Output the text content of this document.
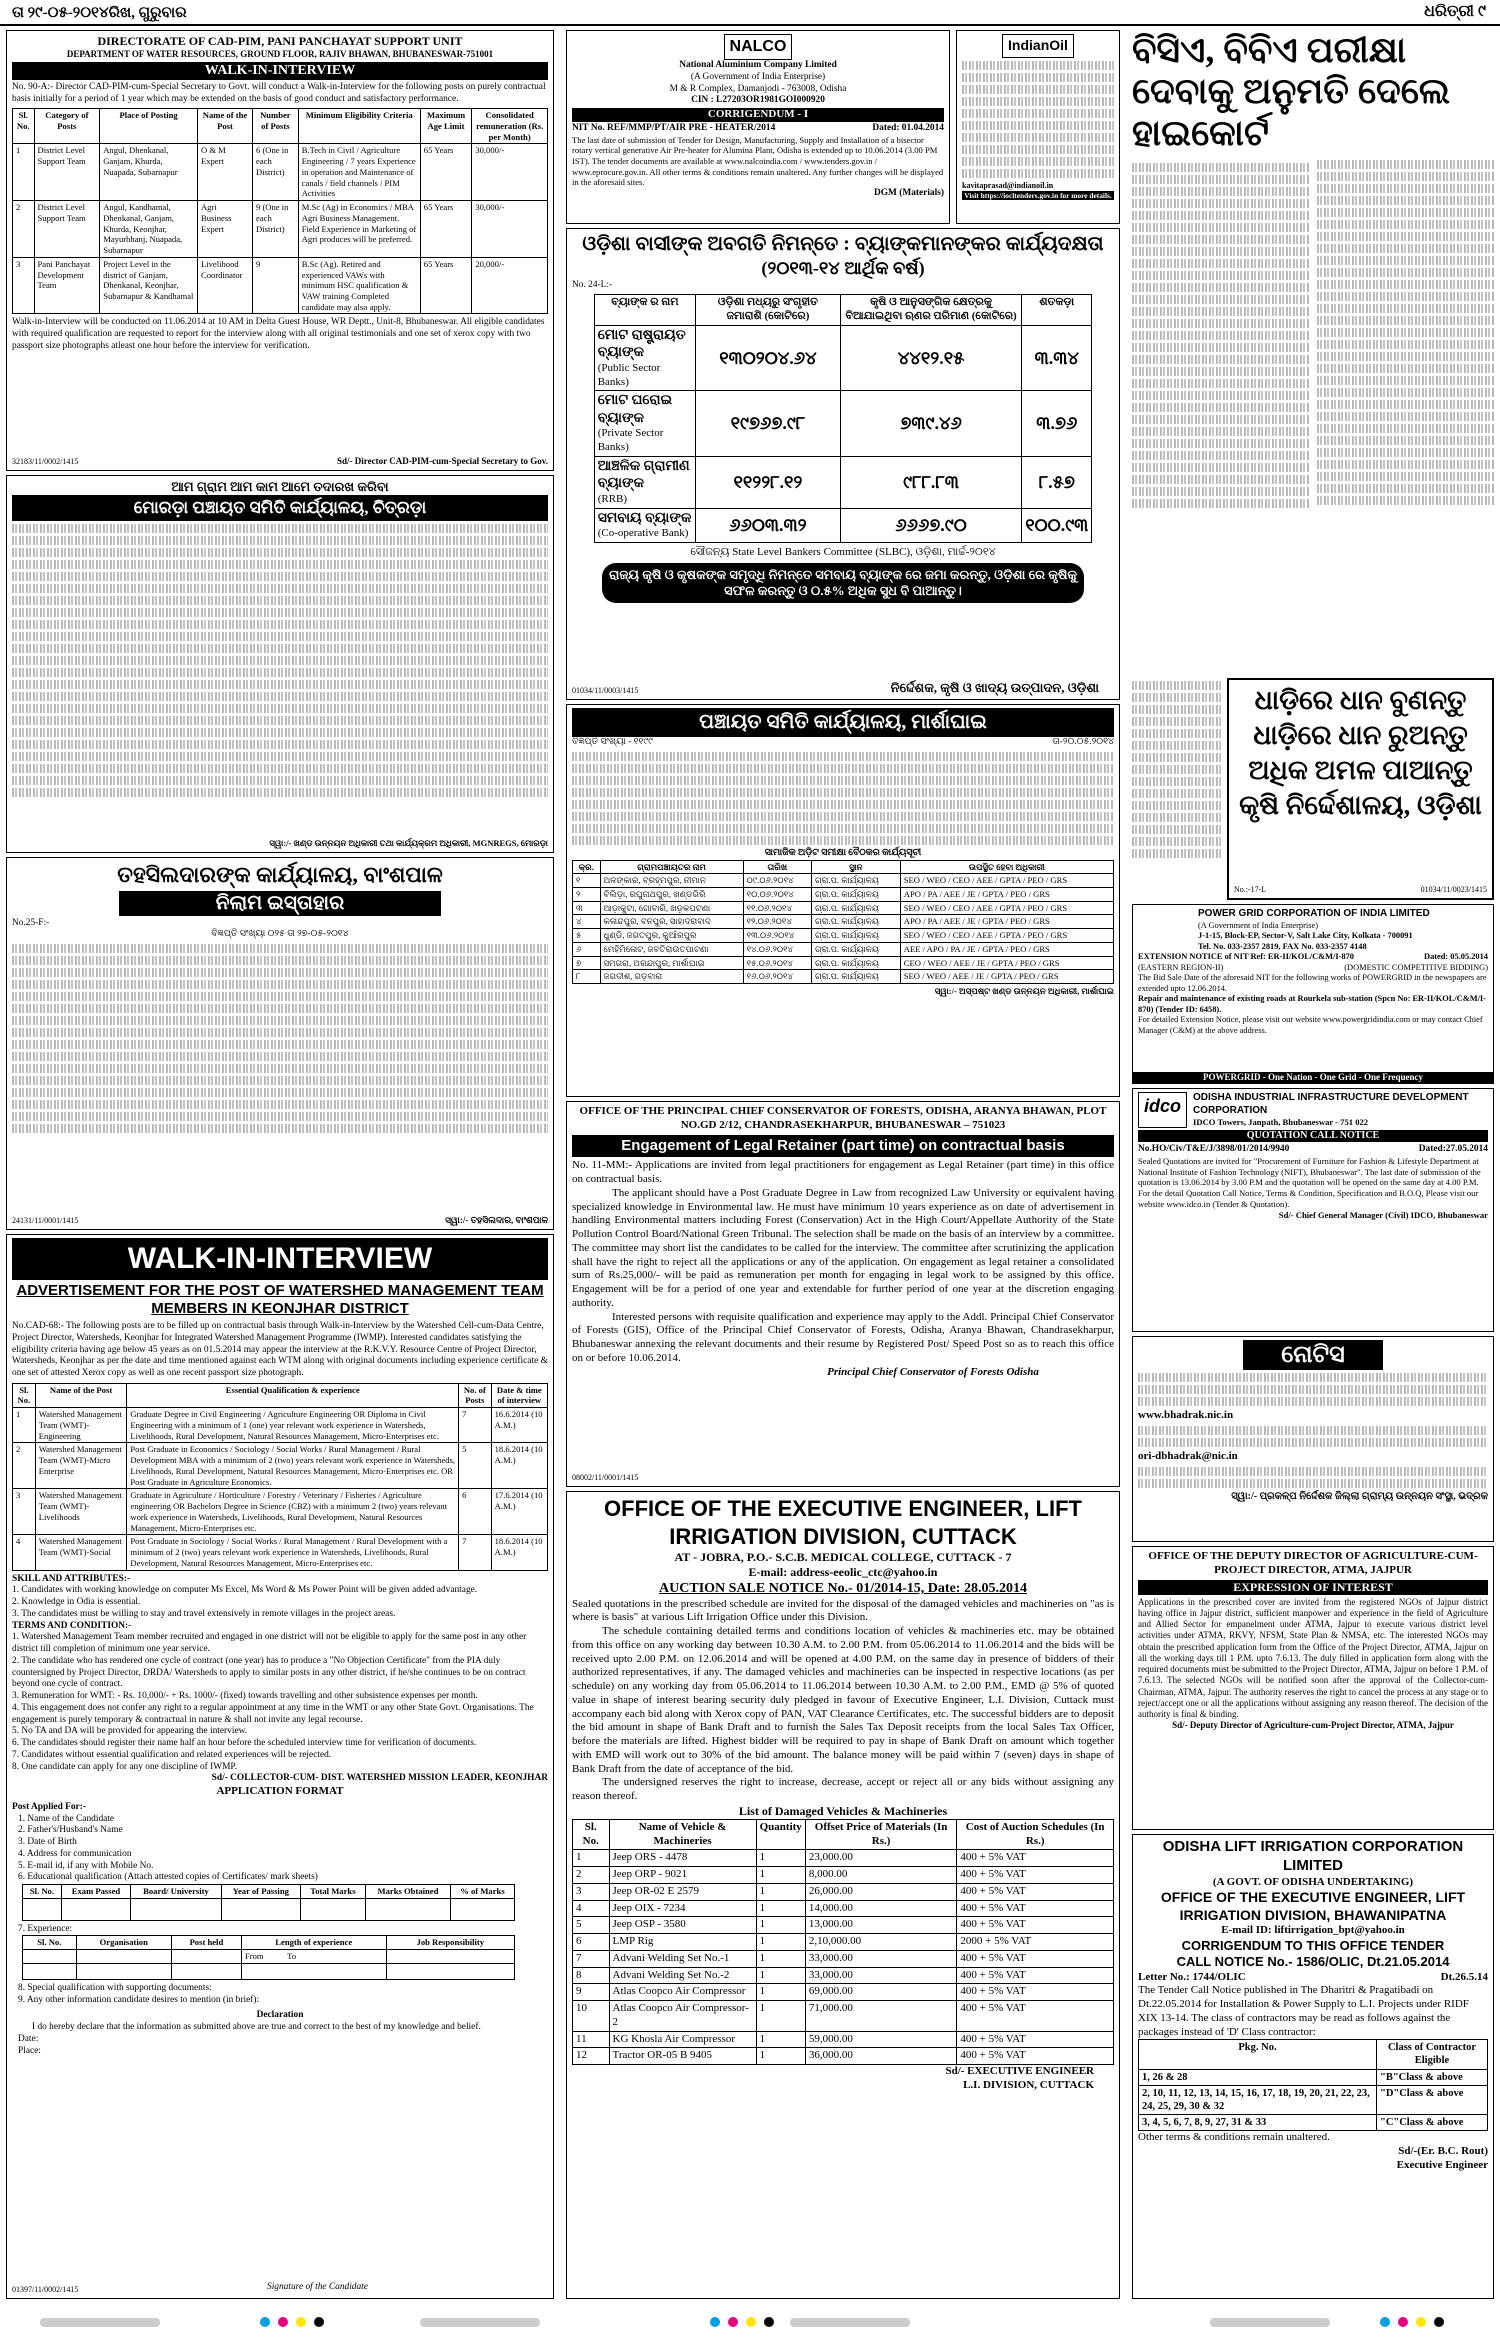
ତା ୨୯-୦୫-୨୦୧୪ରିଖ, ଗୁରୁବାର	ଧରିତ୍ରୀ ୯
DIRECTORATE OF CAD-PIM, PANI PANCHAYAT SUPPORT UNIT
DEPARTMENT OF WATER RESOURCES, GROUND FLOOR, RAJIV BHAWAN, BHUBANESWAR-751001
WALK-IN-INTERVIEW
No. 90-A:- Director CAD-PIM-cum-Special Secretary to Govt. will conduct a Walk-in-Interview for the following posts on purely contractual basis initially for a period of 1 year which may be extended on the basis of good conduct and satisfactory performance.
Sl. No.	Category of Posts	Place of Posting	Name of the Post	Number of Posts	Minimum Eligibility Criteria	Maximum Age Limit	Consolidated remuneration (Rs. per Month)
1	District Level Support Team	Angul, Dhenkanal, Ganjam, Khurda, Nuapada, Subarnapur	O & M Expert	6 (One in each District)	B.Tech in Civil / Agriculture Engineering / 7 years Experience in operation and Maintenance of canals / field channels / PIM Activities	65 Years	30,000/-
2	District Level Support Team	Angul, Kandhamal, Dhenkanal, Ganjam, Khurda, Keonjhar, Mayurbhanj, Nuapada, Subarnapur	Agri Business Expert	9 (One in each District)	M.Sc (Ag) in Economics / MBA Agri Business Management. Field Experience in Marketing of Agri produces will be preferred.	65 Years	30,000/-
3	Pani Panchayat Development Team	Project Level in the district of Ganjam, Dhenkanal, Keonjhar, Subarnapur & Kandhamal	Livelihood Coordinator	9	B.Sc (Ag). Retired and experienced VAWs with minimum HSC qualification & VAW training Completed candidate may also apply.	65 Years	20,000/-
Walk-in-Interview will be conducted on 11.06.2014 at 10 AM in Delta Guest House, WR Deptt., Unit-8, Bhubaneswar. All eligible candidates with required qualification are requested to report for the interview along with all original testimonials and one set of xerox copy with two passport size photographs atleast one hour before the interview for verification.
32183/11/0002/1415	Sd/- Director CAD-PIM-cum-Special Secretary to Gov.
ଆମ ଗ୍ରାମ ଆମ କାମ ଆମେ ତଦାରଖ କରିବା
ମୋରଡ଼ା ପଞ୍ଚାୟତ ସମିତି କାର୍ଯ୍ୟାଳୟ, ଚିତ୍ରଡ଼ା
ସ୍ୱା:/- ଖଣ୍ଡ ଉନ୍ନୟନ ଅଧିକାରୀ ତଥା କାର୍ଯ୍ୟକ୍ରମ ଅଧିକାରୀ, MGNREGS, ମୋରଡ଼ା
ତହସିଲଦାରଙ୍କ କାର୍ଯ୍ୟାଳୟ, ବାଂଶପାଳ
ନିଲାମ ଇସ୍ତାହାର
No.25-F:-
ବିଜ୍ଞପ୍ତି ସଂଖ୍ୟା ୦୨୫ ତା ୨୭-୦୫-୨୦୧୪
24131/11/0001/1415	ସ୍ୱା:/- ତହସିଲଦାର, ବାଂଶପାଳ
WALK-IN-INTERVIEW
ADVERTISEMENT FOR THE POST OF WATERSHED MANAGEMENT TEAM MEMBERS IN KEONJHAR DISTRICT
No.CAD-68:- The following posts are to be filled up on contractual basis through Walk-in-Interview by the Watershed Cell-cum-Data Centre, Project Director, Watersheds, Keonjhar for Integrated Watershed Management Programme (IWMP). Interested candidates satisfying the eligibility criteria having age below 45 years as on 01.5.2014 may appear the interview at the R.K.V.Y. Resource Centre of Project Director, Watersheds, Keonjhar as per the date and time mentioned against each WTM along with original documents including experience certificate & one set of attested Xerox copy as well as one recent passport size photograph.
Sl. No.	Name of the Post	Essential Qualification & experience	No. of Posts	Date & time of interview
1	Watershed Management Team (WMT)-Engineering	Graduate Degree in Civil Engineering / Agriculture Engineering OR Diploma in Civil Engineering with a minimum of 1 (one) year relevant work experience in Watersheds, Livelihoods, Rural Development, Natural Resources Management, Micro-Enterprises etc.	7	16.6.2014 (10 A.M.)
2	Watershed Management Team (WMT)-Micro Enterprise	Post Graduate in Economics / Sociology / Social Works / Rural Management / Rural Development MBA with a minimum of 2 (two) years relevant work experience in Watersheds, Livelihoods, Rural Development, Natural Resources Management, Micro-Enterprises etc. OR Post Graduate in Agriculture Economics.	5	18.6.2014 (10 A.M.)
3	Watershed Management Team (WMT)-Livelihoods	Graduate in Agriculture / Horticulture / Forestry / Veterinary / Fisheries / Agriculture engineering OR Bachelors Degree in Science (CBZ) with a minimum 2 (two) years relevant work experience in Watersheds, Livelihoods, Rural Development, Natural Resources Management, Micro-Enterprises etc.	6	17.6.2014 (10 A.M.)
4	Watershed Management Team (WMT)-Social	Post Graduate in Sociology / Social Works / Rural Management / Rural Development with a minimum of 2 (two) years relevant work experience in Watersheds, Livelihoods, Rural Development, Natural Resources Management, Micro-Enterprises etc.	7	18.6.2014 (10 A.M.)
SKILL AND ATTRIBUTES:-
1. Candidates with working knowledge on computer Ms Excel, Ms Word & Ms Power Point will be given added advantage.
2. Knowledge in Odia is essential.
3. The candidates must be willing to stay and travel extensively in remote villages in the project areas.
TERMS AND CONDITION:-
1. Watershed Management Team member recruited and engaged in one district will not be eligible to apply for the same post in any other district till completion of minimum one year service.
2. The candidate who has rendered one cycle of contract (one year) has to produce a "No Objection Certificate" from the PIA duly countersigned by Project Director, DRDA/ Watersheds to apply to similar posts in any other district, if he/she continues to be on contract beyond one cycle of contract.
3. Remuneration for WMT: - Rs. 10,000/- + Rs. 1000/- (fixed) towards travelling and other subsistence expenses per month.
4. This engagement does not confer any right to a regular appointment at any time in the WMT or any other State Govt. Organisations. The engagement is purely temporary & contractual in nature & shall not invite any legal recourse.
5. No TA and DA will be provided for appearing the interview.
6. The candidates should register their name half an hour before the scheduled interview time for verification of documents.
7. Candidates without essential qualification and related experiences will be rejected.
8. One candidate can apply for any one discipline of IWMP.
Sd/- COLLECTOR-CUM- DIST. WATERSHED MISSION LEADER, KEONJHAR
APPLICATION FORMAT
Post Applied For:-
1. Name of the Candidate
2. Father's/Husband's Name
3. Date of Birth
4. Address for communication
5. E-mail id, if any with Mobile No.
6. Educational qualification (Attach attested copies of Certificates/ mark sheets)
Sl. No.	Exam Passed	Board/ University	Year of Passing	Total Marks	Marks Obtained	% of Marks

7. Experience:
Sl. No.	Organisation	Post held	Length of experience	Job Responsibility
			From To	

8. Special qualification with supporting documents:
9. Any other information candidate desires to mention (in brief):
Declaration
I do hereby declare that the information as submitted above are true and correct to the best of my knowledge and belief.
Date:
Place:
01397/11/0002/1415	Signature of the Candidate
NALCO
National Aluminium Company Limited
(A Government of India Enterprise)
M & R Complex, Damanjodi - 763008, Odisha
CIN : L27203OR1981GOI000920
CORRIGENDUM - I
NIT No. REF/MMP/PT/AIR PRE - HEATER/2014	Dated: 01.04.2014
The last date of submission of Tender for Design, Manufacturing, Supply and Installation of a bisector rotary vertical generative Air Pre-heater for Alumina Plant, Odisha is extended up to 10.06.2014 (3.00 PM IST). The tender documents are available at www.nalcoindia.com / www.tenders.gov.in / www.eprocure.gov.in. All other terms & conditions remain unaltered. Any further changes will be displayed in the aforesaid sites.
DGM (Materials)
IndianOil
kavitaprasad@indianoil.in
Visit https://iocltenders.gov.in for more details.
ଓଡ଼ିଶା ବାସୀଙ୍କ ଅବଗତି ନିମନ୍ତେ : ବ୍ୟାଙ୍କମାନଙ୍କର କାର୍ଯ୍ୟଦକ୍ଷତା
(୨୦୧୩-୧୪ ଆର୍ଥିକ ବର୍ଷ)
No. 24-L:-
ବ୍ୟାଙ୍କ ର ନାମ	ଓଡ଼ିଶା ମଧ୍ୟରୁ ସଂଗୃହୀତ ଜମାରାଶି (କୋଟିରେ)	କୃଷି ଓ ଆନୁସଙ୍ଗିକ କ୍ଷେତ୍ରକୁ ବିଆଯାଇଥିବା ଋଣର ପରିମାଣ (କୋଟିରେ)	ଶତକଡ଼ା

ମୋଟ ରାଷ୍ଟ୍ରାୟତ ବ୍ୟାଙ୍କ
(Public Sector Banks)	୧୩୦୨୦୪.୬୪	୪୪୧୨.୧୫	୩.୩୪

ମୋଟ ଘରୋଇ ବ୍ୟାଙ୍କ
(Private Sector Banks)	୧୯୭୬୭.୯୮	୭୩୯.୪୬	୩.୭୬

ଆଞ୍ଚଳିକ ଗ୍ରାମୀଣ ବ୍ୟାଙ୍କ
(RRB)	୧୧୨୨୮.୧୨	୯୮୮.୮୩	୮.୫୭

ସମବାୟ ବ୍ୟାଙ୍କ
(Co-operative Bank)	୬୬୦୩.୩୨	୬୬୬୭.୯୦	୧୦୦.୯୩
ସୌଜନ୍ୟ State Level Bankers Committee (SLBC), ଓଡ଼ିଶା, ମାର୍ଚ୍ଚ-୨୦୧୪
ରାଜ୍ୟ କୃଷି ଓ କୃଷକଙ୍କ ସମୃଦ୍ଧି ନିମନ୍ତେ ସମବାୟ ବ୍ୟାଙ୍କ ରେ ଜମା କରନ୍ତୁ, ଓଡ଼ିଶା ରେ କୃଷିକୁ ସଫଳ କରନ୍ତୁ ଓ ୦.୫% ଅଧିକ ସୁଧ ବି ପାଆନ୍ତୁ।
01034/11/0003/1415	ନିର୍ଦ୍ଦେଶକ, କୃଷି ଓ ଖାଦ୍ୟ ଉତ୍ପାଦନ, ଓଡ଼ିଶା
ପଞ୍ଚାୟତ ସମିତି କାର୍ଯ୍ୟାଳୟ, ମାର୍ଶାଘାଇ
ବିଜ୍ଞପ୍ତି ସଂଖ୍ୟା - ୧୧୯୯	ତା-୨୦.୦୫.୨୦୧୪
ସାମାଜିକ ଅଡ଼ିଟ ସମୀକ୍ଷା ବୈଠକର କାର୍ଯ୍ୟସୂଚୀ
କ୍ର.	ଗ୍ରାମପଞ୍ଚାୟତର ନାମ	ତାରିଖ	ସ୍ଥାନ	ଉପସ୍ଥିତ ହେବା ଅଧିକାରୀ
୧	ଅଳଙ୍କାର, ବ୍ରହ୍ମପୁର, ନୀମାନ	୦୯.୦୬.୨୦୧୪	ଗ୍ରା.ପ. କାର୍ଯ୍ୟାଳୟ	SEO / WEO / CEO / AEE / GPTA / PEO / GRS
୨	ବିଲିଡ଼ା, ରଘୁନାଥପୁର, ଖଣ୍ଡଗିରି	୧୦.୦୬.୨୦୧୪	ଗ୍ରା.ପ. କାର୍ଯ୍ୟାଳୟ	APO / PA / AEE / JE / GPTA / PEO / GRS
୩	ଆଡ଼ାକୁଟା, ଗୋବାରି, ଖଡ଼କପଟଣା	୧୧.୦୬.୨୦୧୪	ଗ୍ରା.ପ. କାର୍ଯ୍ୟାଳୟ	SEO / WEO / CEO / AEE / GPTA / PEO / GRS
୪	କଳାନ୍ଦପୁର, ବନପୁର, ସାହାଦରାବାଦ	୧୨.୦୬.୨୦୧୪	ଗ୍ରା.ପ. କାର୍ଯ୍ୟାଳୟ	APO / PA / AEE / JE / GPTA / PEO / GRS
୫	ଧୁଣ୍ଡି, ଜଗତପୁର, କୁଆଁରପୁର	୧୩.୦୬.୨୦୧୪	ଗ୍ରା.ପ. କାର୍ଯ୍ୟାଳୟ	SEO / WEO / CEO / AEE / GPTA / PEO / GRS
୬	ମେହିମିଳୋଟ, ଜବତିରାଉତପାଟଣା	୧୪.୦୬.୨୦୧୪	ଗ୍ରା.ପ. କାର୍ଯ୍ୟାଳୟ	AEE / APO / PA / JE / GPTA / PEO / GRS
୭	ସମଗରା, ଅରନ୍ଦାପୁର, ମାର୍ଶାଘାଇ	୧୫.୦୬.୨୦୧୪	ଗ୍ରା.ପ. କାର୍ଯ୍ୟାଳୟ	CEO / WEO / AEE / JE / GPTA / PEO / GRS
୮	ଜଗଦୀଶ, ଗଡ଼ବାରା	୧୬.୦୬.୨୦୧୪	ଗ୍ରା.ପ. କାର୍ଯ୍ୟାଳୟ	SEO / WEO / AEE / JE / GPTA / PEO / GRS
ସ୍ୱା:/- ଅସ୍ପଷ୍ଟ ଖଣ୍ଡ ଉନ୍ନୟନ ଅଧିକାରୀ, ମାର୍ଶାଘାଇ
OFFICE OF THE PRINCIPAL CHIEF CONSERVATOR OF FORESTS, ODISHA, ARANYA BHAWAN, PLOT NO.GD 2/12, CHANDRASEKHARPUR, BHUBANESWAR – 751023
Engagement of Legal Retainer (part time) on contractual basis
No. 11-MM:- Applications are invited from legal practitioners for engagement as Legal Retainer (part time) in this office on contractual basis.
The applicant should have a Post Graduate Degree in Law from recognized Law University or equivalent having specialized knowledge in Environmental law. He must have minimum 10 years experience as on date of advertisement in handling Environmental matters including Forest (Conservation) Act in the High Court/Appellate Authority of the State Pollution Control Board/National Green Tribunal. The selection shall be made on the basis of an interview by a committee. The committee may short list the candidates to be called for the interview. The committee after scrutinizing the application shall have the right to reject all the applications or any of the application. On engagement as legal retainer a consolidated sum of Rs.25,000/- will be paid as remuneration per month for engaging in legal work to be assigned by this office. Engagement will be for a period of one year and extendable for further period of one year at the discretion engaging authority.
Interested persons with requisite qualification and experience may apply to the Addl. Principal Chief Conservator of Forests (GIS), Office of the Principal Chief Conservator of Forests, Odisha, Aranya Bhawan, Chandrasekharpur, Bhubaneswar annexing the relevant documents and their resume by Registered Post/ Speed Post so as to reach this office on or before 10.06.2014.
Principal Chief Conservator of Forests Odisha
08002/11/0001/1415
OFFICE OF THE EXECUTIVE ENGINEER, LIFT IRRIGATION DIVISION, CUTTACK
AT - JOBRA, P.O.- S.C.B. MEDICAL COLLEGE, CUTTACK - 7
E-mail: address-eeolic_ctc@yahoo.in
AUCTION SALE NOTICE No.- 01/2014-15, Date: 28.05.2014
Sealed quotations in the prescribed schedule are invited for the disposal of the damaged vehicles and machineries on "as is where is basis" at various Lift Irrigation Office under this Division.
The schedule containing detailed terms and conditions location of vehicles & machineries etc. may be obtained from this office on any working day between 10.30 A.M. to 2.00 P.M. from 05.06.2014 to 11.06.2014 and the bids will be received upto 2.00 P.M. on 12.06.2014 and will be opened at 4.00 P.M. on the same day in presence of bidders of their authorized representatives, if any. The damaged vehicles and machineries can be inspected in respective locations (as per schedule) on any working day from 05.06.2014 to 11.06.2014 between 10.30 A.M. to 2.00 P.M., EMD @ 5% of quoted value in shape of interest bearing security duly pledged in favour of Executive Engineer, L.I. Division, Cuttack must accompany each bid along with Xerox copy of PAN, VAT Clearance Certificates, etc. The successful bidders are to deposit the bid amount in shape of Bank Draft and to furnish the Sales Tax Deposit receipts from the local Sales Tax Officer, before the materials are lifted. Highest bidder will be required to pay in shape of Bank Draft on amount which together with EMD will work out to 30% of the bid amount. The balance money will be paid within 7 (seven) days in shape of Bank Draft from the date of acceptance of the bid.
The undersigned reserves the right to increase, decrease, accept or reject all or any bids without assigning any reason thereof.
List of Damaged Vehicles & Machineries
Sl. No.	Name of Vehicle & Machineries	Quantity	Offset Price of Materials (In Rs.)	Cost of Auction Schedules (In Rs.)
1	Jeep ORS - 4478	1	23,000.00	400 + 5% VAT
2	Jeep ORP - 9021	1	8,000.00	400 + 5% VAT
3	Jeep OR-02 E 2579	1	26,000.00	400 + 5% VAT
4	Jeep OIX - 7234	1	14,000.00	400 + 5% VAT
5	Jeep OSP - 3580	1	13,000.00	400 + 5% VAT
6	LMP Rig	1	2,10,000.00	2000 + 5% VAT
7	Advani Welding Set No.-1	1	33,000.00	400 + 5% VAT
8	Advani Welding Set No.-2	1	33,000.00	400 + 5% VAT
9	Atlas Coopco Air Compressor	1	69,000.00	400 + 5% VAT
10	Atlas Coopco Air Compressor-2	1	71,000.00	400 + 5% VAT
11	KG Khosla Air Compressor	1	59,000.00	400 + 5% VAT
12	Tractor OR-05 B 9405	1	36,000.00	400 + 5% VAT
Sd/- EXECUTIVE ENGINEER
L.I. DIVISION, CUTTACK
ବିସିଏ, ବିବିଏ ପରୀକ୍ଷା ଦେବାକୁ ଅନୁମତି ଦେଲେ ହାଇକୋର୍ଟ
ଧାଡ଼ିରେ ଧାନ ବୁଣନ୍ତୁ
ଧାଡ଼ିରେ ଧାନ ରୁଅନ୍ତୁ
ଅଧିକ ଅମଳ ପାଆନ୍ତୁ
କୃଷି ନିର୍ଦ୍ଦେଶାଳୟ, ଓଡ଼ିଶା
No.:-17-L	01034/11/0023/1415
POWER GRID CORPORATION OF INDIA LIMITED
(A Government of India Enterprise)
J-1-15, Block-EP, Sector-V, Salt Lake City, Kolkata - 700091
Tel. No. 033-2357 2819, FAX No. 033-2357 4148
EXTENSION NOTICE of NIT Ref: ER-II/KOL/C&M/I-870	Dated: 05.05.2014
(EASTERN REGION-II)	(DOMESTIC COMPETITIVE BIDDING)
The Bid Sale Date of the aforesaid NIT for the following works of POWERGRID in the newspapers are extended upto 12.06.2014.
Repair and maintenance of existing roads at Rourkela sub-station (Spcn No: ER-II/KOL/C&M/I-870) (Tender ID: 6458).
For detailed Extension Notice, please visit our website www.powergridindia.com or may contact Chief Manager (C&M) at the above address.
POWERGRID - One Nation - One Grid - One Frequency
idco	ODISHA INDUSTRIAL INFRASTRUCTURE DEVELOPMENT CORPORATION
IDCO Towers, Janpath, Bhubaneswar - 751 022
QUOTATION CALL NOTICE
No.HO/Civ/T&E/J/3898/01/2014/9940	Dated:27.05.2014
Sealed Quotations are invited for "Procurement of Furniture for Fashion & Lifestyle Department at National Institute of Fashion Technology (NIFT), Bhubaneswar". The last date of submission of the quotation is 13.06.2014 by 3.00 P.M and the quotation will be opened on the same day at 4.00 P.M. For the detail Quotation Call Notice, Terms & Condition, Specification and B.O.Q, Please visit our website www.idco.in (Tender & Quotation).
Sd/- Chief General Manager (Civil) IDCO, Bhubaneswar
ନୋଟିସ
www.bhadrak.nic.in
ori-dbhadrak@nic.in
ସ୍ୱା:/- ପ୍ରକଳ୍ପ ନିର୍ଦ୍ଦେଶକ ଜିଲ୍ଲା ଗ୍ରାମ୍ୟ ଉନ୍ନୟନ ସଂସ୍ଥା, ଭଦ୍ରକ
OFFICE OF THE DEPUTY DIRECTOR OF AGRICULTURE-CUM-PROJECT DIRECTOR, ATMA, JAJPUR
EXPRESSION OF INTEREST
Applications in the prescribed cover are invited from the registered NGOs of Jajpur district having office in Jajpur district, sufficient manpower and experience in the field of Agriculture and Allied Sector for empanelment under ATMA, Jajpur to execute various district level activities under ATMA, RKVY, NFSM, State Plan & NMSA, etc. The interested NGOs may obtain the prescribed application form from the Office of the Project Director, ATMA, Jajpur on all the working days till 1 P.M. upto 7.6.13. The duly filled in application form along with the required documents must be submitted to the Project Director, ATMA, Jajpur on before 1 P.M. of 7.6.13. The selected NGOs will be notified soon after the approval of the Collector-cum-Chairman, ATMA, Jajpur. The authority reserves the right to cancel the process at any stage or to reject/accept one or all the applications without assigning any reason thereof. The decision of the authority is final & binding.
Sd/- Deputy Director of Agriculture-cum-Project Director, ATMA, Jajpur
ODISHA LIFT IRRIGATION CORPORATION LIMITED
(A GOVT. OF ODISHA UNDERTAKING)
OFFICE OF THE EXECUTIVE ENGINEER, LIFT IRRIGATION DIVISION, BHAWANIPATNA
E-mail ID: liftirrigation_bpt@yahoo.in
CORRIGENDUM TO THIS OFFICE TENDER
CALL NOTICE No.- 1586/OLIC, Dt.21.05.2014
Letter No.: 1744/OLIC	Dt.26.5.14
The Tender Call Notice published in The Dharitri & Pragatibadi on Dt.22.05.2014 for Installation & Power Supply to L.I. Projects under RIDF XIX 13-14. The class of contractors may be read as follows against the packages instead of 'D' Class contractor:
Pkg. No.	Class of Contractor Eligible
1, 26 & 28	"B"Class & above
2, 10, 11, 12, 13, 14, 15, 16, 17, 18, 19, 20, 21, 22, 23, 24, 25, 29, 30 & 32	"D"Class & above
3, 4, 5, 6, 7, 8, 9, 27, 31 & 33	"C"Class & above
Other terms & conditions remain unaltered.
Sd/-(Er. B.C. Rout)
Executive Engineer
